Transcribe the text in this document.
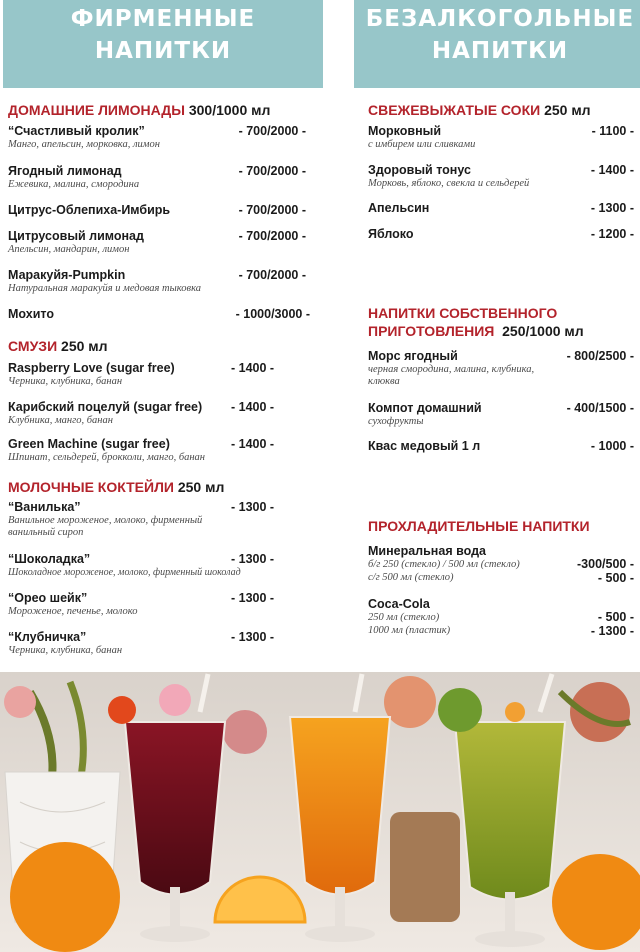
ФИРМЕННЫЕ
НАПИТКИ
БЕЗАЛКОГОЛЬНЫЕ
НАПИТКИ
ДОМАШНИЕ ЛИМОНАДЫ 300/1000 мл
“Счастливый кролик”	- 700/2000 -
Манго, апельсин, морковка, лимон
Ягодный лимонад	- 700/2000 -
Ежевика, малина, смородина
Цитрус-Облепиха-Имбирь	- 700/2000 -
Цитрусовый лимонад	- 700/2000 -
Апельсин, мандарин, лимон
Маракуйя-Pumpkin	- 700/2000 -
Натуральная маракуйя и медовая тыковка
Мохито	- 1000/3000 -
СМУЗИ 250 мл
Raspberry Love (sugar free)	- 1400 -
Черника, клубника, банан
Карибский поцелуй (sugar free) - 1400 -
Клубника, манго, банан
Green Machine (sugar free)	- 1400 -
Шпинат, сельдерей, брокколи, манго, банан
МОЛОЧНЫЕ КОКТЕЙЛИ 250 мл
“Ванилька”	- 1300 -
Ванильное мороженое, молоко, фирменный
ванильный сироп
“Шоколадка”	- 1300 -
Шоколадное мороженое, молоко, фирменный шоколад
“Орео шейк”	- 1300 -
Мороженое, печенье, молоко
“Клубничка”	- 1300 -
Черника, клубника, банан
СВЕЖЕВЫЖАТЫЕ СОКИ 250 мл
Морковный	- 1100 -
с имбирем или сливками
Здоровый тонус	- 1400 -
Морковь, яблоко, свекла и сельдерей
Апельсин	- 1300 -
Яблоко	- 1200 -
НАПИТКИ СОБСТВЕННОГО
ПРИГОТОВЛЕНИЯ 250/1000 мл
Морс ягодный	- 800/2500 -
черная смородина, малина, клубника,
клюква
Компот домашний	- 400/1500 -
сухофрукты
Квас медовый 1 л	- 1000 -
ПРОХЛАДИТЕЛЬНЫЕ НАПИТКИ
Минеральная вода
б/г 250 (стекло) / 500 мл (стекло)	-300/500 -
с/г 500 мл (стекло)	- 500 -
Coca-Cola
250 мл (стекло)	- 500 -
1000 мл (пластик)	- 1300 -
